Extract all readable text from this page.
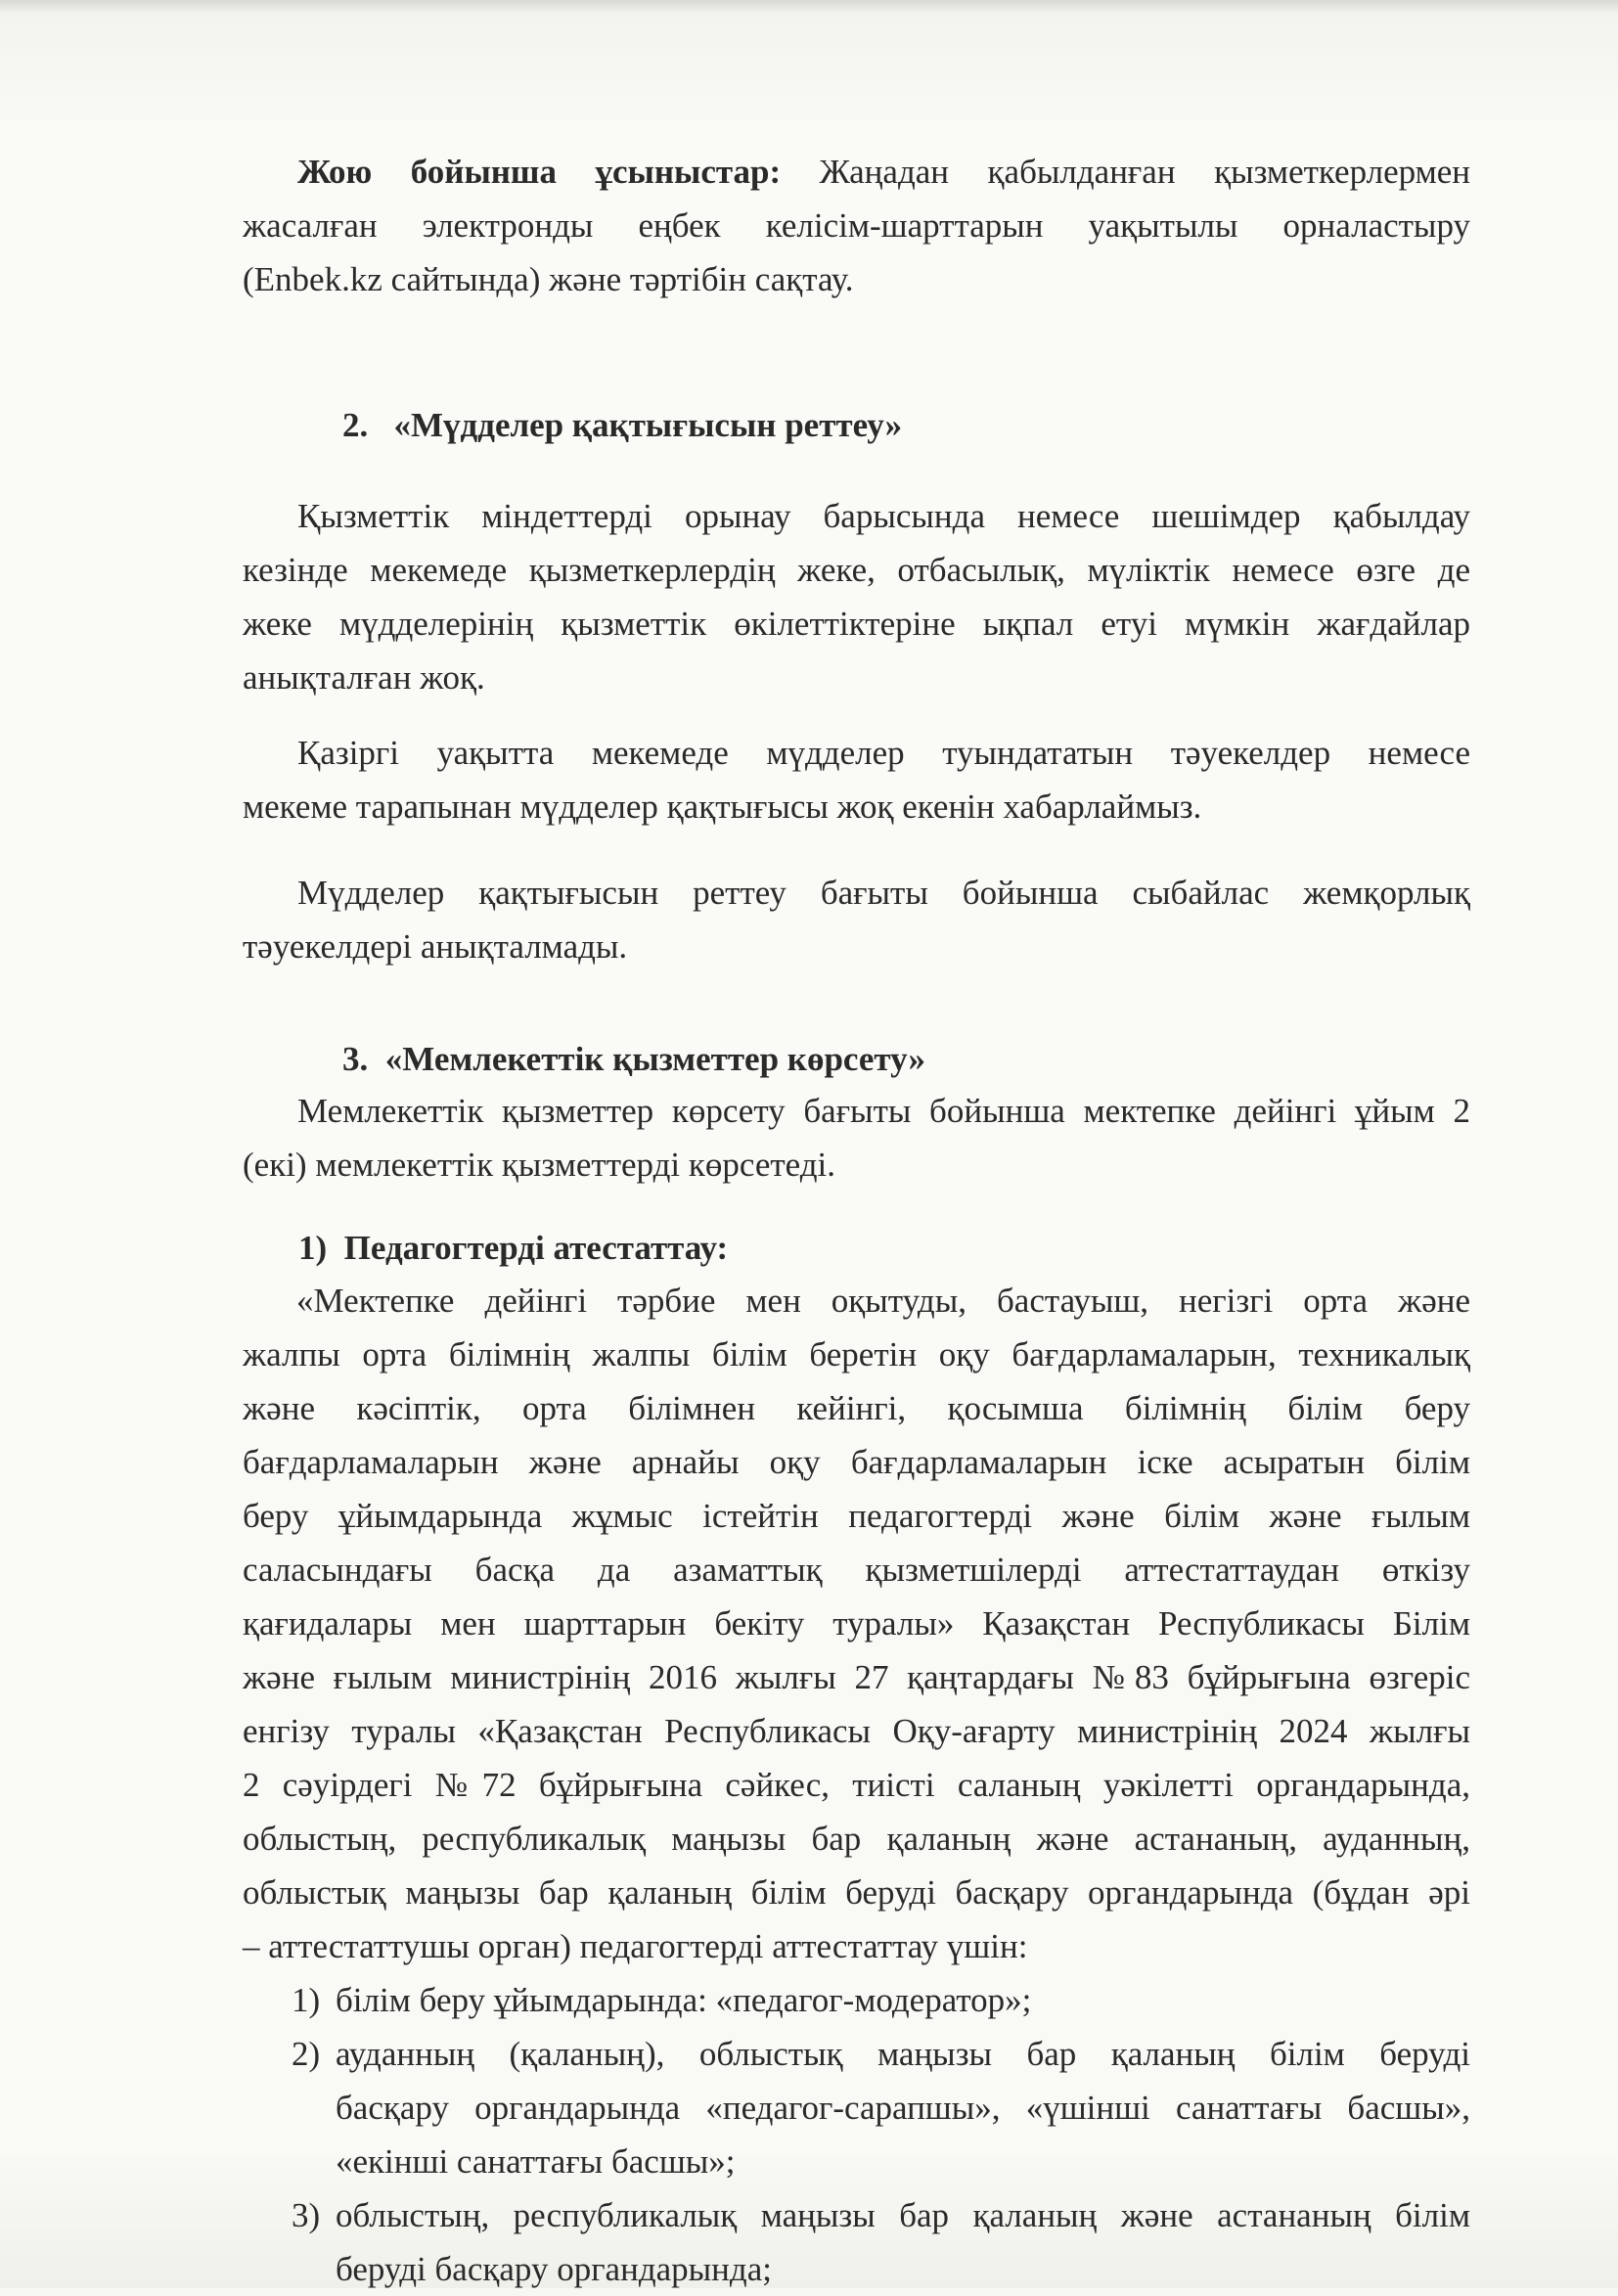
Жою бойынша ұсыныстар: Жаңадан қабылданған қызметкерлермен
жасалған электронды еңбек келісім-шарттарын уақытылы орналастыру
(Enbek.kz сайтында) және тәртібін сақтау.
2. «Мүдделер қақтығысын реттеу»
Қызметтік міндеттерді орынау барысында немесе шешімдер қабылдау
кезінде мекемеде қызметкерлердің жеке, отбасылық, мүліктік немесе өзге де
жеке мүдделерінің қызметтік өкілеттіктеріне ықпал етуі мүмкін жағдайлар
анықталған жоқ.
Қазіргі уақытта мекемеде мүдделер туындататын тәуекелдер немесе
мекеме тарапынан мүдделер қақтығысы жоқ екенін хабарлаймыз.
Мүдделер қақтығысын реттеу бағыты бойынша сыбайлас жемқорлық
тәуекелдері анықталмады.
3. «Мемлекеттік қызметтер көрсету»
Мемлекеттік қызметтер көрсету бағыты бойынша мектепке дейінгі ұйым 2
(екі) мемлекеттік қызметтерді көрсетеді.
1) Педагогтерді атестаттау:
«Мектепке дейінгі тәрбие мен оқытуды, бастауыш, негізгі орта және
жалпы орта білімнің жалпы білім беретін оқу бағдарламаларын, техникалық
және кәсіптік, орта білімнен кейінгі, қосымша білімнің білім беру
бағдарламаларын және арнайы оқу бағдарламаларын іске асыратын білім
беру ұйымдарында жұмыс істейтін педагогтерді және білім және ғылым
саласындағы басқа да азаматтық қызметшілерді аттестаттаудан өткізу
қағидалары мен шарттарын бекіту туралы» Қазақстан Республикасы Білім
және ғылым министрінің 2016 жылғы 27 қаңтардағы №83 бұйрығына өзгеріс
енгізу туралы «Қазақстан Республикасы Оқу-ағарту министрінің 2024 жылғы
2 сәуірдегі №72 бұйрығына сәйкес, тиісті саланың уәкілетті органдарында,
облыстың, республикалық маңызы бар қаланың және астананың, ауданның,
облыстық маңызы бар қаланың білім беруді басқару органдарында (бұдан әрі
– аттестаттушы орган) педагогтерді аттестаттау үшін:
1) білім беру ұйымдарында: «педагог-модератор»;
2) ауданның (қаланың), облыстық маңызы бар қаланың білім беруді
басқару органдарында «педагог-сарапшы», «үшінші санаттағы басшы»,
«екінші санаттағы басшы»;
3) облыстың, республикалық маңызы бар қаланың және астананың білім
беруді басқару органдарында;
